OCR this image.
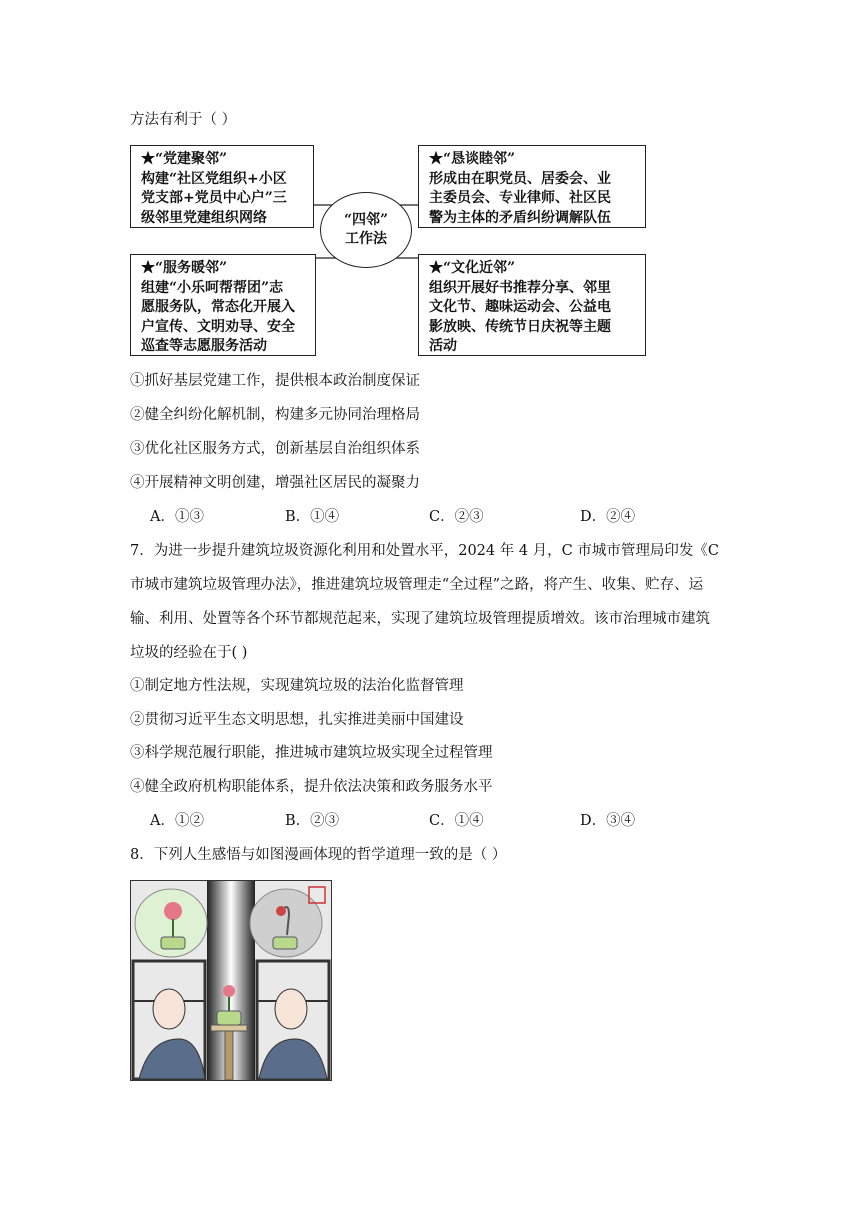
方法有利于（ ）
★“党建聚邻”
构建“社区党组织+小区
党支部+党员中心户”三
级邻里党建组织网络
★“恳谈睦邻”
形成由在职党员、居委会、业
主委员会、专业律师、社区民
警为主体的矛盾纠纷调解队伍
“四邻”
工作法
★“服务暖邻”
组建“小乐呵帮帮团”志
愿服务队，常态化开展入
户宣传、文明劝导、安全
巡查等志愿服务活动
★“文化近邻”
组织开展好书推荐分享、邻里
文化节、趣味运动会、公益电
影放映、传统节日庆祝等主题
活动
①抓好基层党建工作，提供根本政治制度保证
②健全纠纷化解机制，构建多元协同治理格局
③优化社区服务方式，创新基层自治组织体系
④开展精神文明创建，增强社区居民的凝聚力
A．①③	B．①④	C．②③	D．②④
7．为进一步提升建筑垃圾资源化利用和处置水平，2024 年 4 月，C 市城市管理局印发《C
市城市建筑垃圾管理办法》，推进建筑垃圾管理走“全过程”之路，将产生、收集、贮存、运
输、利用、处置等各个环节都规范起来，实现了建筑垃圾管理提质增效。该市治理城市建筑
垃圾的经验在于( )
①制定地方性法规，实现建筑垃圾的法治化监督管理
②贯彻习近平生态文明思想，扎实推进美丽中国建设
③科学规范履行职能，推进城市建筑垃圾实现全过程管理
④健全政府机构职能体系，提升依法决策和政务服务水平
A．①②	B．②③	C．①④	D．③④
8．下列人生感悟与如图漫画体现的哲学道理一致的是（ ）
